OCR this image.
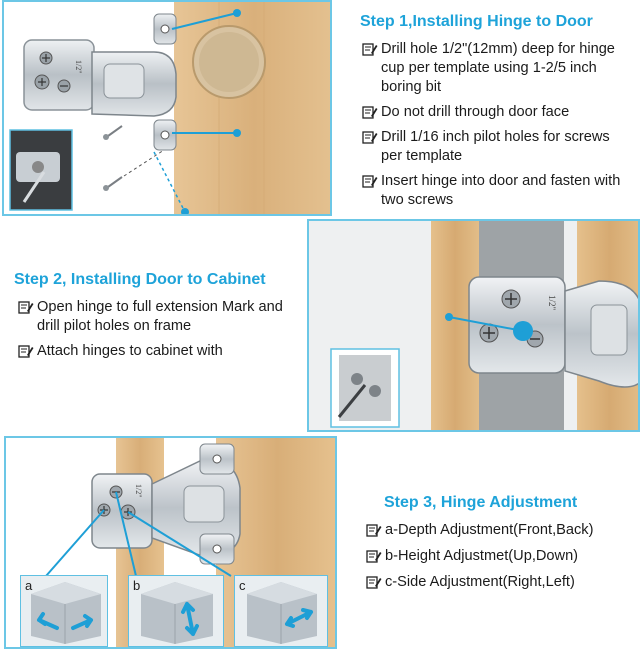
1/2"
Step 1,Installing Hinge to Door
Drill hole 1/2"(12mm) deep for hinge cup per template using 1-2/5 inch boring bit
Do not drill through door face
Drill 1/16 inch pilot holes for screws per template
Insert hinge into door and fasten with two screws
Step 2, Installing Door to Cabinet
Open hinge to full extension Mark and drill pilot holes on frame
Attach hinges to cabinet with
1/2"
1/2"
a	b	c
Step 3, Hinge Adjustment
a-Depth Adjustment(Front,Back)
b-Height Adjustmet(Up,Down)
c-Side Adjustment(Right,Left)
